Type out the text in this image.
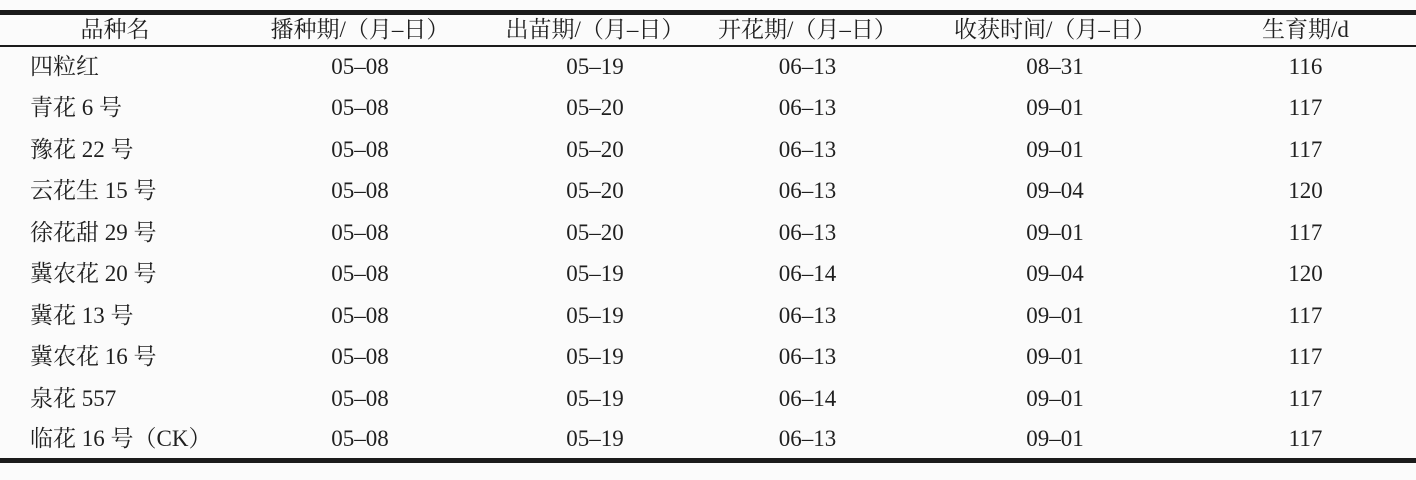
品种名	播种期/（月–日）	出苗期/（月–日）	开花期/（月–日）	收获时间/（月–日）	生育期/d
四粒红	05–08	05–19	06–13	08–31	116
青花 6 号	05–08	05–20	06–13	09–01	117
豫花 22 号	05–08	05–20	06–13	09–01	117
云花生 15 号	05–08	05–20	06–13	09–04	120
徐花甜 29 号	05–08	05–20	06–13	09–01	117
冀农花 20 号	05–08	05–19	06–14	09–04	120
冀花 13 号	05–08	05–19	06–13	09–01	117
冀农花 16 号	05–08	05–19	06–13	09–01	117
泉花 557	05–08	05–19	06–14	09–01	117
临花 16 号（CK）	05–08	05–19	06–13	09–01	117
